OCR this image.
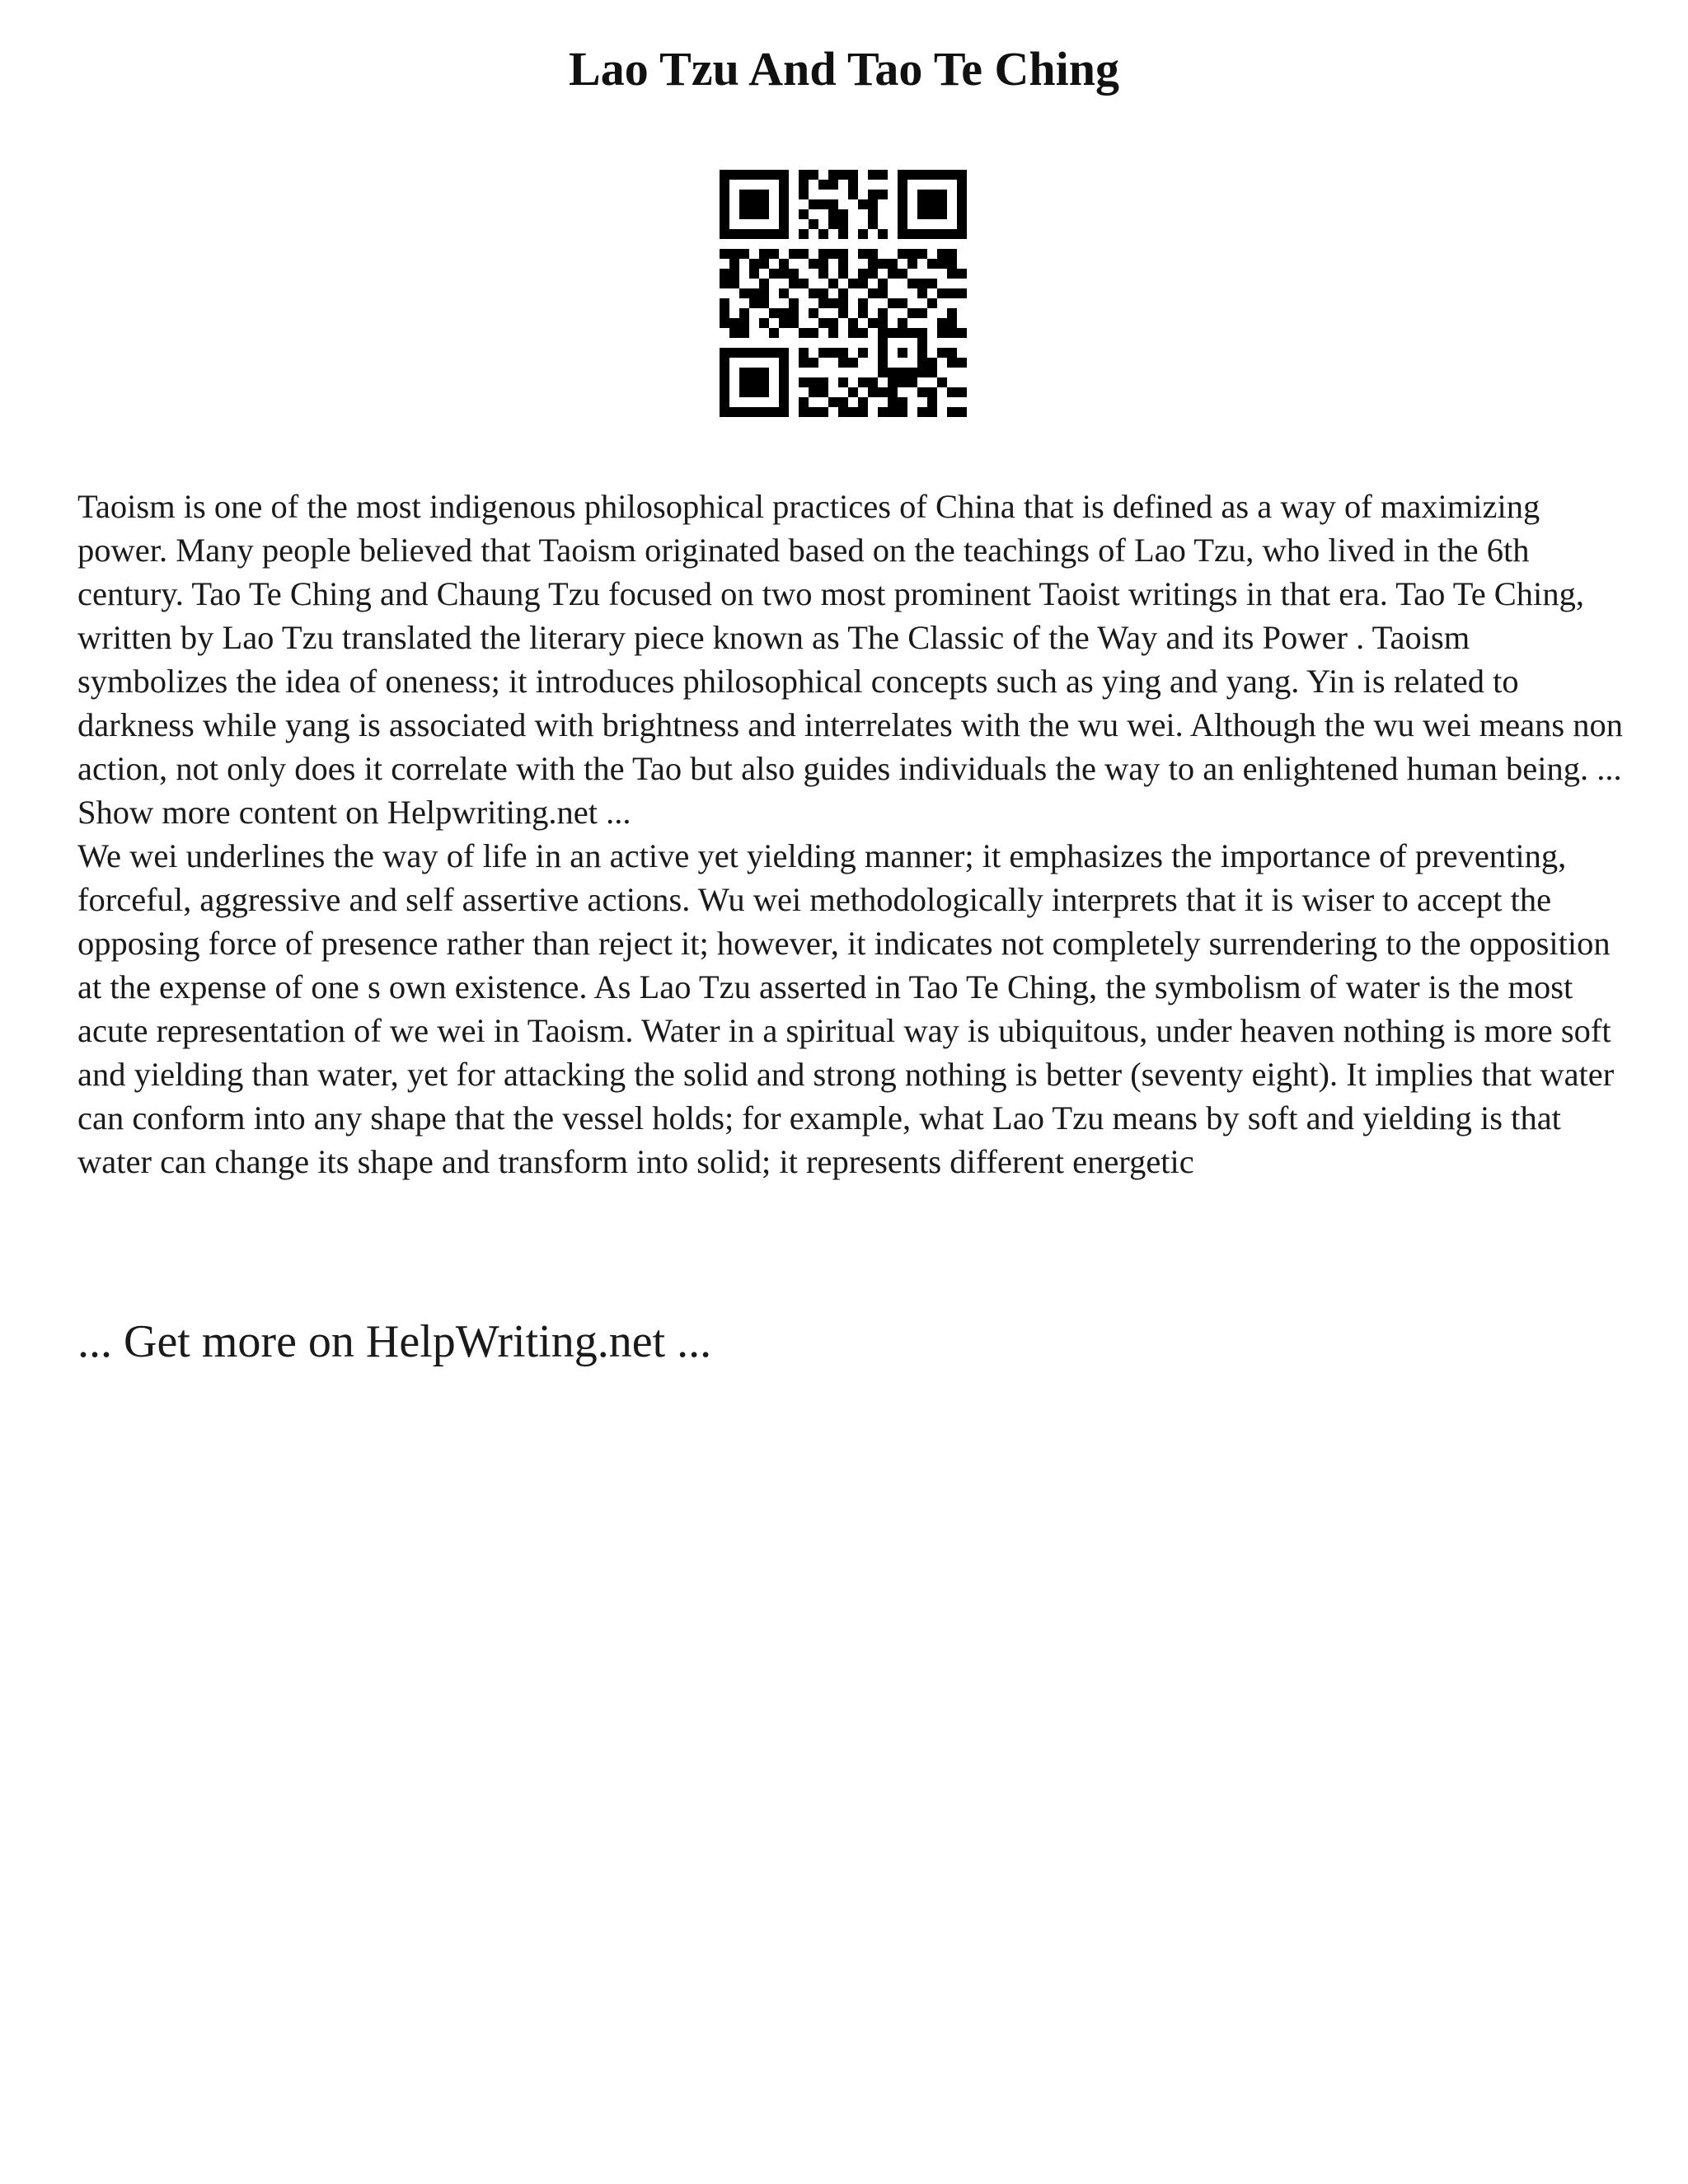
Lao Tzu And Tao Te Ching

Taoism is one of the most indigenous philosophical practices of China that is defined as a way of maximizing power. Many people believed that Taoism originated based on the teachings of Lao Tzu, who lived in the 6th century. Tao Te Ching and Chaung Tzu focused on two most prominent Taoist writings in that era. Tao Te Ching, written by Lao Tzu translated the literary piece known as The Classic of the Way and its Power . Taoism symbolizes the idea of oneness; it introduces philosophical concepts such as ying and yang. Yin is related to darkness while yang is associated with brightness and interrelates with the wu wei. Although the wu wei means non action, not only does it correlate with the Tao but also guides individuals the way to an enlightened human being. ... Show more content on Helpwriting.net ...

We wei underlines the way of life in an active yet yielding manner; it emphasizes the importance of preventing, forceful, aggressive and self assertive actions. Wu wei methodologically interprets that it is wiser to accept the opposing force of presence rather than reject it; however, it indicates not completely surrendering to the opposition at the expense of one s own existence. As Lao Tzu asserted in Tao Te Ching, the symbolism of water is the most acute representation of we wei in Taoism. Water in a spiritual way is ubiquitous, under heaven nothing is more soft and yielding than water, yet for attacking the solid and strong nothing is better (seventy eight). It implies that water can conform into any shape that the vessel holds; for example, what Lao Tzu means by soft and yielding is that water can change its shape and transform into solid; it represents different energetic

... Get more on HelpWriting.net ...
